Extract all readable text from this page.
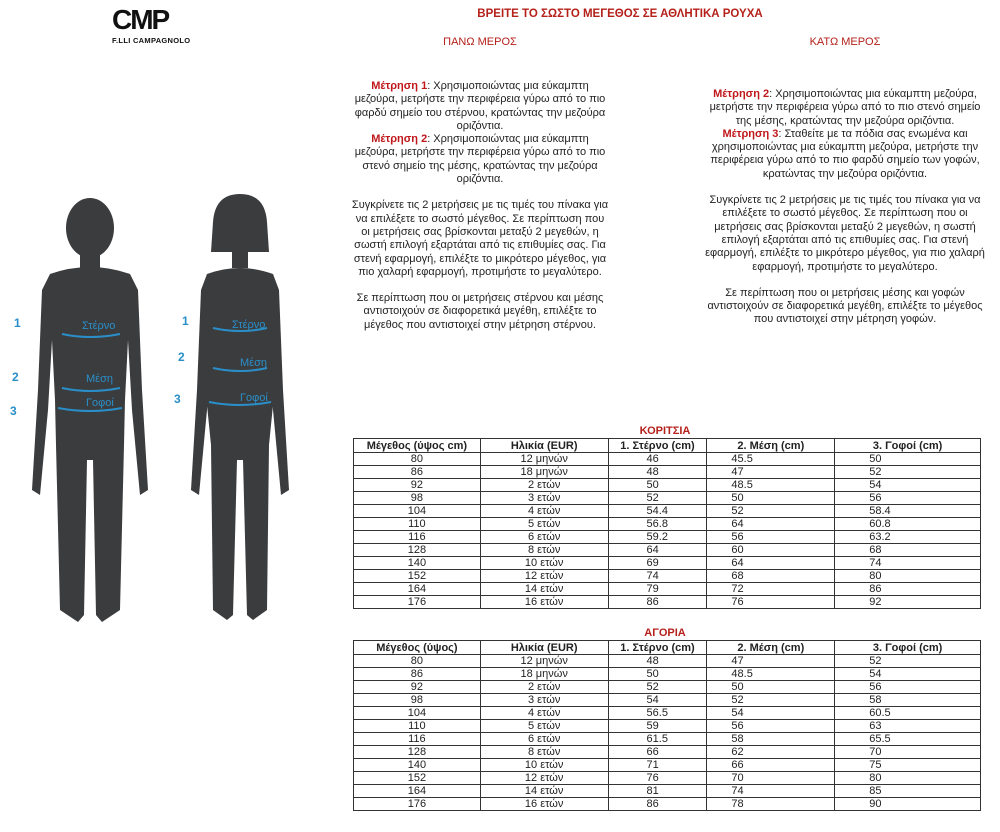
CMP
F.LLI CAMPAGNOLO
ΒΡΕΙΤΕ ΤΟ ΣΩΣΤΟ ΜΕΓΕΘΟΣ ΣΕ ΑΘΛΗΤΙΚΑ ΡΟΥΧΑ
ΠΑΝΩ ΜΕΡΟΣ	ΚΑΤΩ ΜΕΡΟΣ

Μέτρηση 1: Χρησιμοποιώντας μια εύκαμπτη μεζούρα, μετρήστε την περιφέρεια γύρω από το πιο φαρδύ σημείο του στέρνου, κρατώντας την μεζούρα οριζόντια.
Μέτρηση 2: Χρησιμοποιώντας μια εύκαμπτη μεζούρα, μετρήστε την περιφέρεια γύρω από το πιο στενό σημείο της μέσης, κρατώντας την μεζούρα οριζόντια.

Συγκρίνετε τις 2 μετρήσεις με τις τιμές του πίνακα για να επιλέξετε το σωστό μέγεθος. Σε περίπτωση που οι μετρήσεις σας βρίσκονται μεταξύ 2 μεγεθών, η σωστή επιλογή εξαρτάται από τις επιθυμίες σας. Για στενή εφαρμογή, επιλέξτε το μικρότερο μέγεθος, για πιο χαλαρή εφαρμογή, προτιμήστε το μεγαλύτερο.

Σε περίπτωση που οι μετρήσεις στέρνου και μέσης αντιστοιχούν σε διαφορετικά μεγέθη, επιλέξτε το μέγεθος που αντιστοιχεί στην μέτρηση στέρνου.

Μέτρηση 2: Χρησιμοποιώντας μια εύκαμπτη μεζούρα, μετρήστε την περιφέρεια γύρω από το πιο στενό σημείο της μέσης, κρατώντας την μεζούρα οριζόντια.
Μέτρηση 3: Σταθείτε με τα πόδια σας ενωμένα και χρησιμοποιώντας μια εύκαμπτη μεζούρα, μετρήστε την περιφέρεια γύρω από το πιο φαρδύ σημείο των γοφών, κρατώντας την μεζούρα οριζόντια.

Συγκρίνετε τις 2 μετρήσεις με τις τιμές του πίνακα για να επιλέξετε το σωστό μέγεθος. Σε περίπτωση που οι μετρήσεις σας βρίσκονται μεταξύ 2 μεγεθών, η σωστή επιλογή εξαρτάται από τις επιθυμίες σας. Για στενή εφαρμογή, επιλέξτε το μικρότερο μέγεθος, για πιο χαλαρή εφαρμογή, προτιμήστε το μεγαλύτερο.

Σε περίπτωση που οι μετρήσεις μέσης και γοφών αντιστοιχούν σε διαφορετικά μεγέθη, επιλέξτε το μέγεθος που αντιστοιχεί στην μέτρηση γοφών.

1
2
3
Στέρνο
Μέση
Γοφοί
1
2
3
Στέρνο
Μέση
Γοφοί
ΚΟΡΙΤΣΙΑ
Μέγεθος (ύψος cm)	Ηλικία (EUR)	1. Στέρνο (cm)	2. Μέση (cm)	3. Γοφοί (cm)
80	12 μηνών	46	45.5	50
86	18 μηνών	48	47	52
92	2 ετών	50	48.5	54
98	3 ετών	52	50	56
104	4 ετών	54.4	52	58.4
110	5 ετών	56.8	64	60.8
116	6 ετών	59.2	56	63.2
128	8 ετών	64	60	68
140	10 ετών	69	64	74
152	12 ετών	74	68	80
164	14 ετών	79	72	86
176	16 ετών	86	76	92
ΑΓΟΡΙΑ
Μέγεθος (ύψος)	Ηλικία (EUR)	1. Στέρνο (cm)	2. Μέση (cm)	3. Γοφοί (cm)
80	12 μηνών	48	47	52
86	18 μηνών	50	48.5	54
92	2 ετών	52	50	56
98	3 ετών	54	52	58
104	4 ετών	56.5	54	60.5
110	5 ετών	59	56	63
116	6 ετών	61.5	58	65.5
128	8 ετών	66	62	70
140	10 ετών	71	66	75
152	12 ετών	76	70	80
164	14 ετών	81	74	85
176	16 ετών	86	78	90
